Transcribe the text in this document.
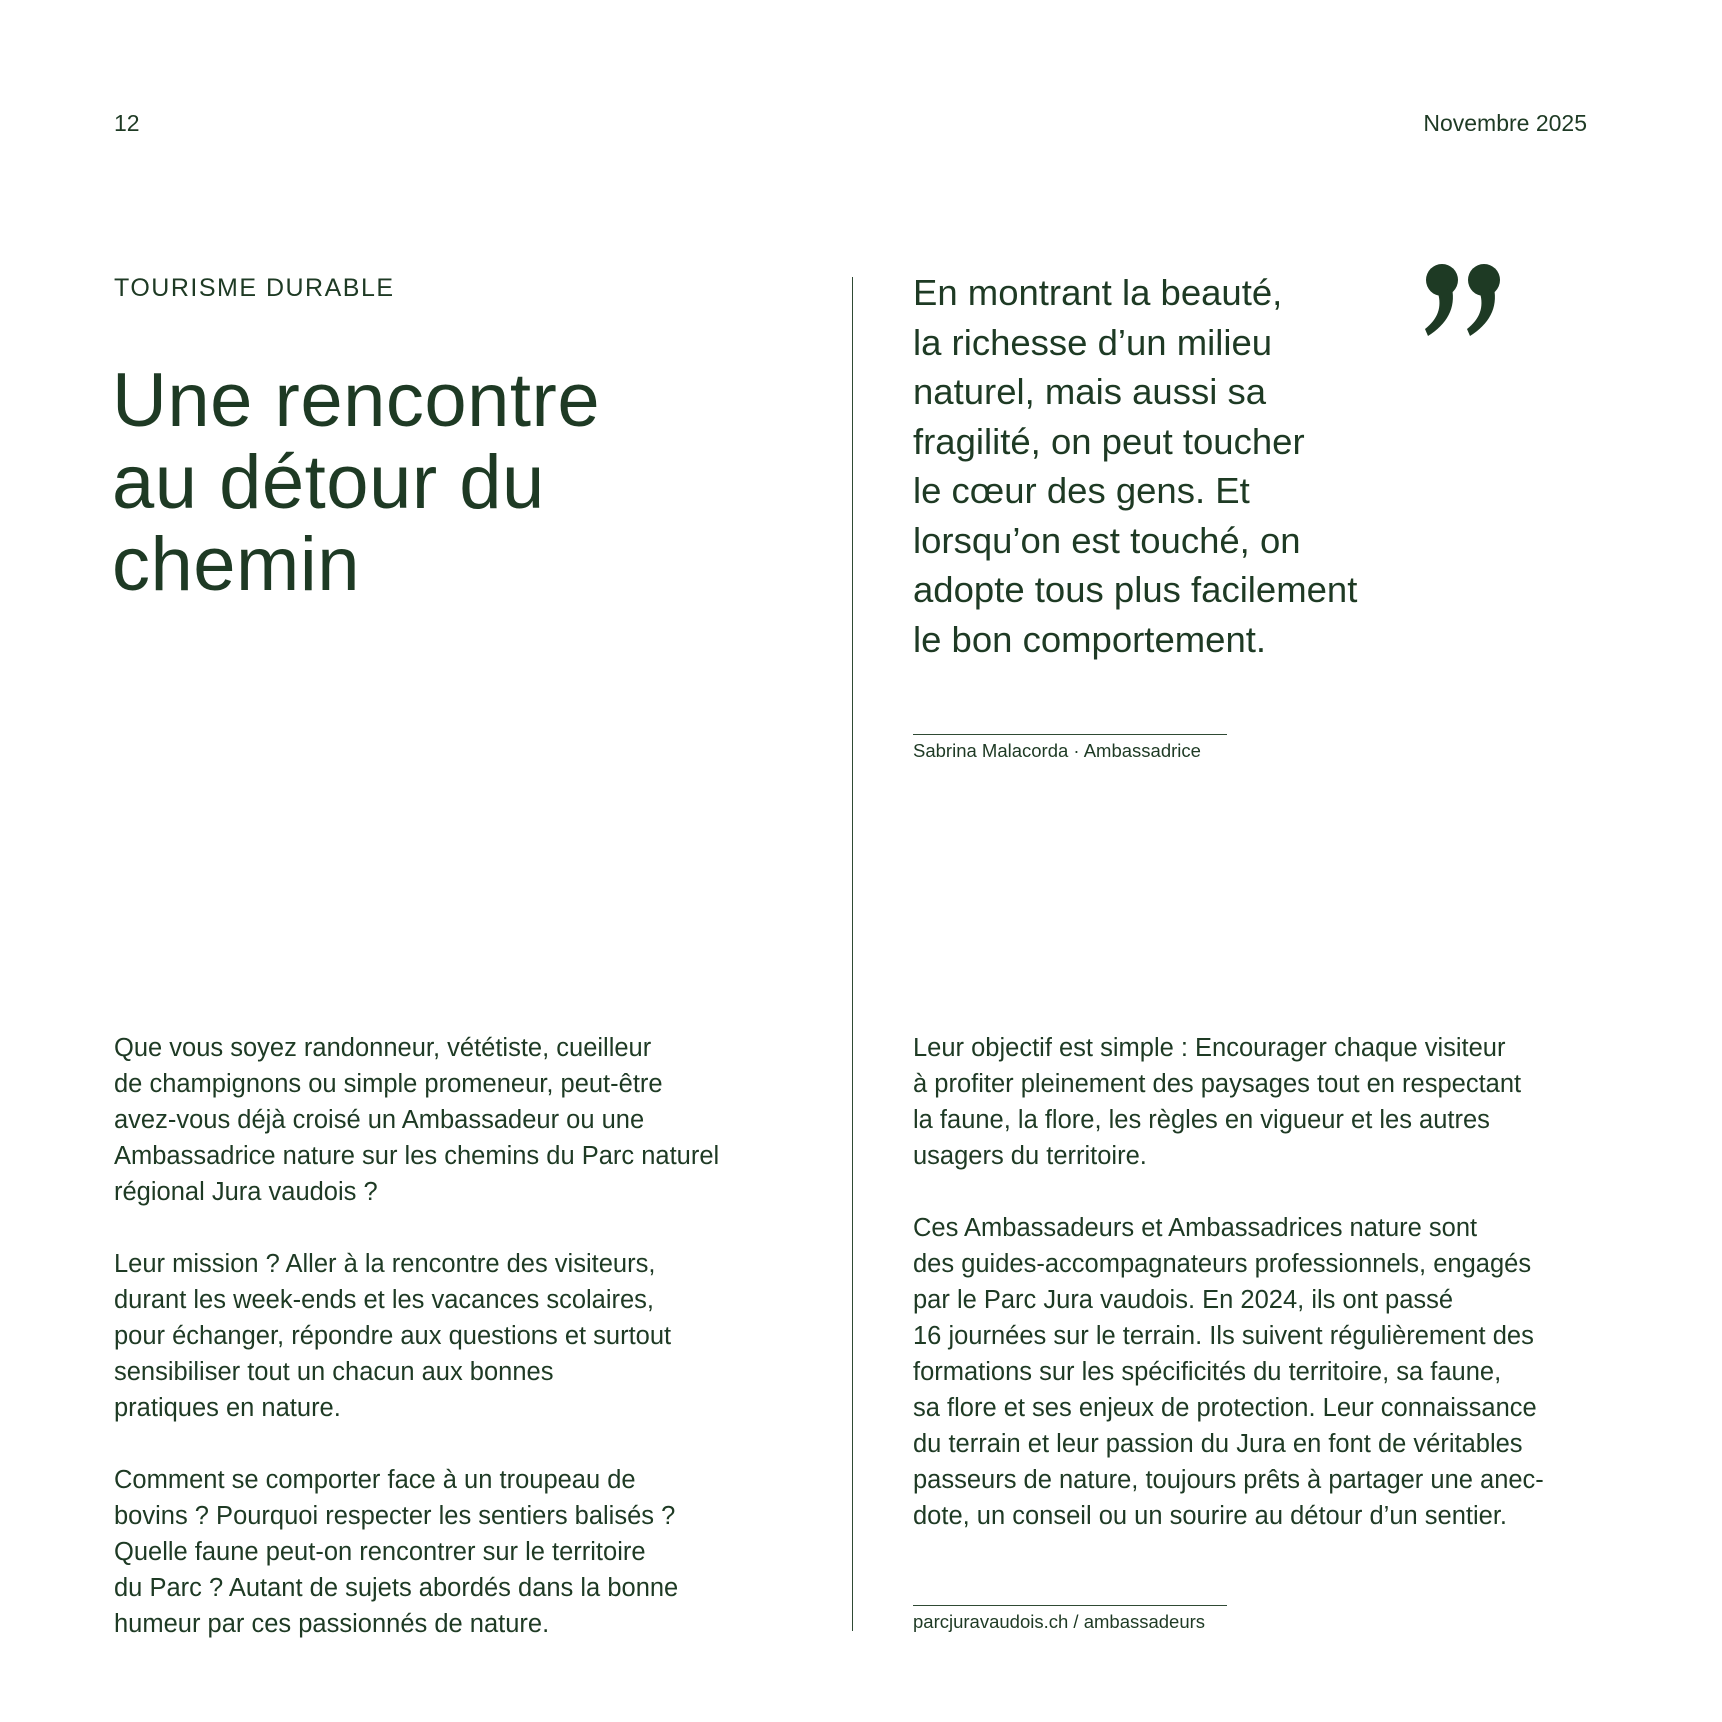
12	Novembre 2025
TOURISME DURABLE
Une rencontre
au détour du
chemin
En montrant la beauté,
la richesse d’un milieu
naturel, mais aussi sa
fragilité, on peut toucher
le cœur des gens. Et
lorsqu’on est touché, on
adopte tous plus facilement
le bon comportement.
Sabrina Malacorda · Ambassadrice

Que vous soyez randonneur, vététiste, cueilleur
de champignons ou simple promeneur, peut-être
avez-vous déjà croisé un Ambassadeur ou une
Ambassadrice nature sur les chemins du Parc naturel
régional Jura vaudois ?

Leur mission ? Aller à la rencontre des visiteurs,
durant les week-ends et les vacances scolaires,
pour échanger, répondre aux questions et surtout
sensibiliser tout un chacun aux bonnes
pratiques en nature.

Comment se comporter face à un troupeau de
bovins ? Pourquoi respecter les sentiers balisés ?
Quelle faune peut-on rencontrer sur le territoire
du Parc ? Autant de sujets abordés dans la bonne
humeur par ces passionnés de nature.

Leur objectif est simple : Encourager chaque visiteur
à profiter pleinement des paysages tout en respectant
la faune, la flore, les règles en vigueur et les autres
usagers du territoire.

Ces Ambassadeurs et Ambassadrices nature sont
des guides-accompagnateurs professionnels, engagés
par le Parc Jura vaudois. En 2024, ils ont passé
16 journées sur le terrain. Ils suivent régulièrement des
formations sur les spécificités du territoire, sa faune,
sa flore et ses enjeux de protection. Leur connaissance
du terrain et leur passion du Jura en font de véritables
passeurs de nature, toujours prêts à partager une anec-
dote, un conseil ou un sourire au détour d’un sentier.

parcjuravaudois.ch / ambassadeurs
